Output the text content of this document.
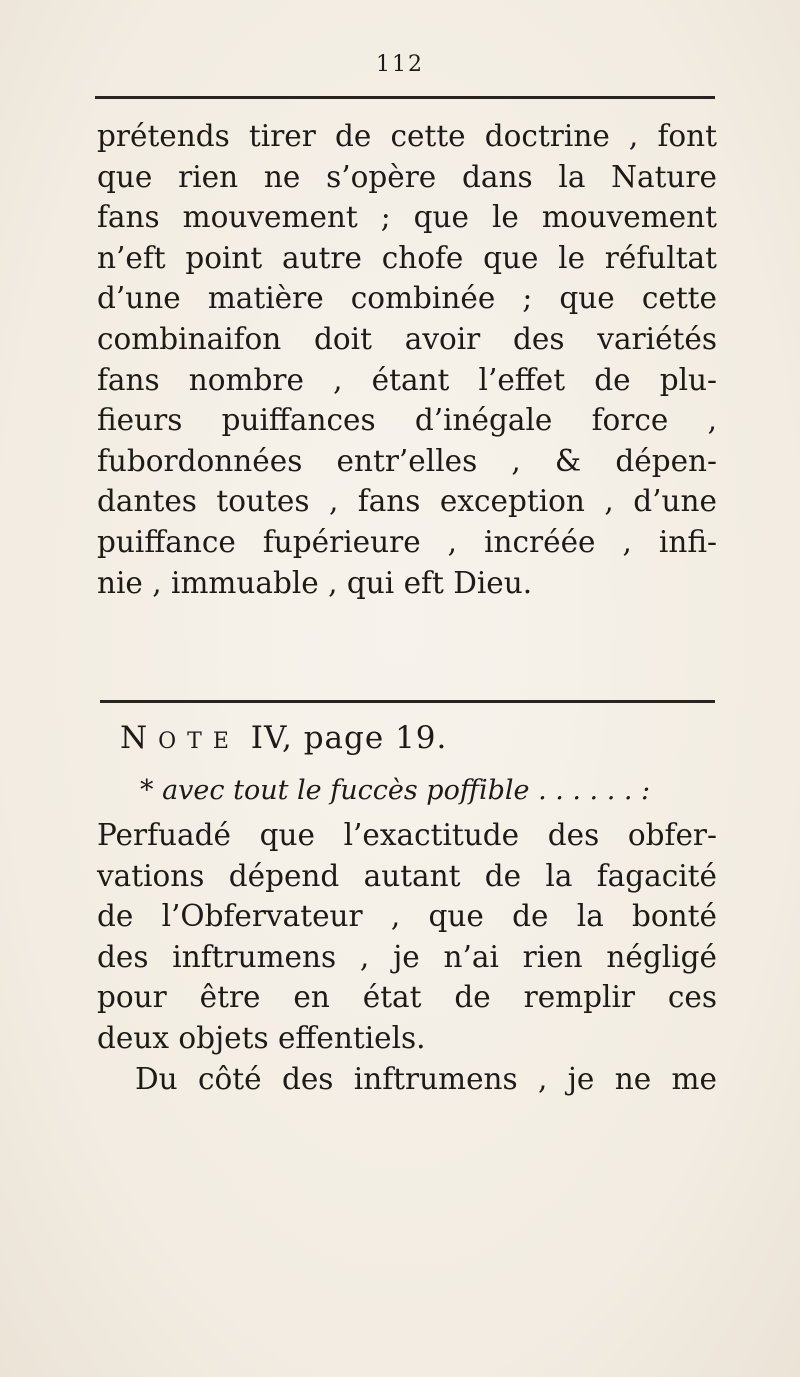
112
prétends tirer de cette doctrine , font
que rien ne s’opère dans la Nature
fans mouvement ; que le mouvement
n’eft point autre chofe que le réfultat
d’une matière combinée ; que cette
combinaifon doit avoir des variétés
fans nombre , étant l’effet de plu-
fieurs puiffances d’inégale force ,
fubordonnées entr’elles , & dépen-
dantes toutes , fans exception , d’une
puiffance fupérieure , incréée , infi-
nie , immuable , qui eft Dieu.
Note IV, page 19.
* avec tout le fuccès poffible . . . . . . :
Perfuadé que l’exactitude des obfer-
vations dépend autant de la fagacité
de l’Obfervateur , que de la bonté
des inftrumens , je n’ai rien négligé
pour être en état de remplir ces
deux objets effentiels.
Du côté des inftrumens , je ne me
